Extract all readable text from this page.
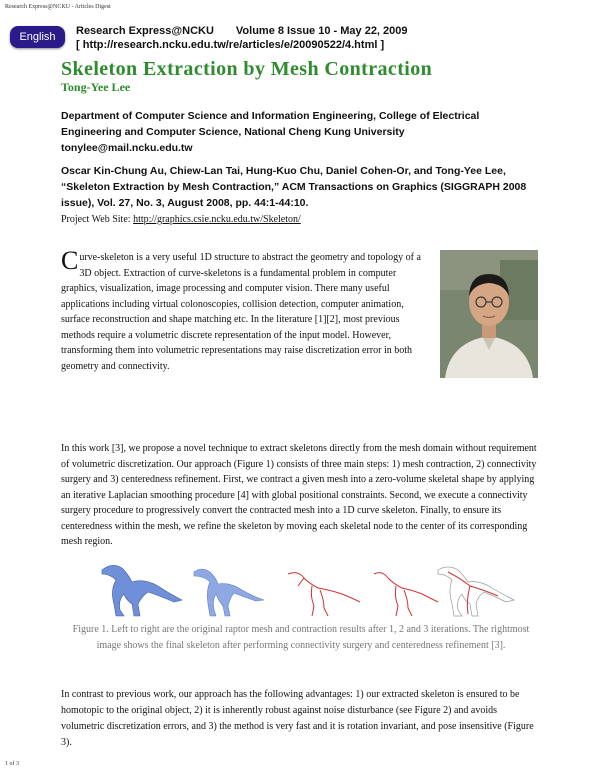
Research Express@NCKU - Articles Digest
English	Research Express@NCKU Volume 8 Issue 10 - May 22, 2009
[ http://research.ncku.edu.tw/re/articles/e/20090522/4.html ]
Skeleton Extraction by Mesh Contraction
Tong-Yee Lee
Department of Computer Science and Information Engineering, College of Electrical Engineering and Computer Science, National Cheng Kung University
tonylee@mail.ncku.edu.tw
Oscar Kin-Chung Au, Chiew-Lan Tai, Hung-Kuo Chu, Daniel Cohen-Or, and Tong-Yee Lee, “Skeleton Extraction by Mesh Contraction,” ACM Transactions on Graphics (SIGGRAPH 2008 issue), Vol. 27, No. 3, August 2008, pp. 44:1-44:10.
Project Web Site: http://graphics.csie.ncku.edu.tw/Skeleton/
Curve-skeleton is a very useful 1D structure to abstract the geometry and topology of a 3D object. Extraction of curve-skeletons is a fundamental problem in computer graphics, visualization, image processing and computer vision. There many useful applications including virtual colonoscopies, collision detection, computer animation, surface reconstruction and shape matching etc. In the literature [1][2], most previous methods require a volumetric discrete representation of the input model. However, transforming them into volumetric representations may raise discretization error in both geometry and connectivity.
In this work [3], we propose a novel technique to extract skeletons directly from the mesh domain without requirement of volumetric discretization. Our approach (Figure 1) consists of three main steps: 1) mesh contraction, 2) connectivity surgery and 3) centeredness refinement. First, we contract a given mesh into a zero-volume skeletal shape by applying an iterative Laplacian smoothing procedure [4] with global positional constraints. Second, we execute a connectivity surgery procedure to progressively convert the contracted mesh into a 1D curve skeleton. Finally, to ensure its centeredness within the mesh, we refine the skeleton by moving each skeletal node to the center of its corresponding mesh region.
Figure 1. Left to right are the original raptor mesh and contraction results after 1, 2 and 3 iterations. The rightmost image shows the final skeleton after performing connectivity surgery and centeredness refinement [3].
In contrast to previous work, our approach has the following advantages: 1) our extracted skeleton is ensured to be homotopic to the original object, 2) it is inherently robust against noise disturbance (see Figure 2) and avoids volumetric discretization errors, and 3) the method is very fast and it is rotation invariant, and pose insensitive (Figure 3).
1 of 3
